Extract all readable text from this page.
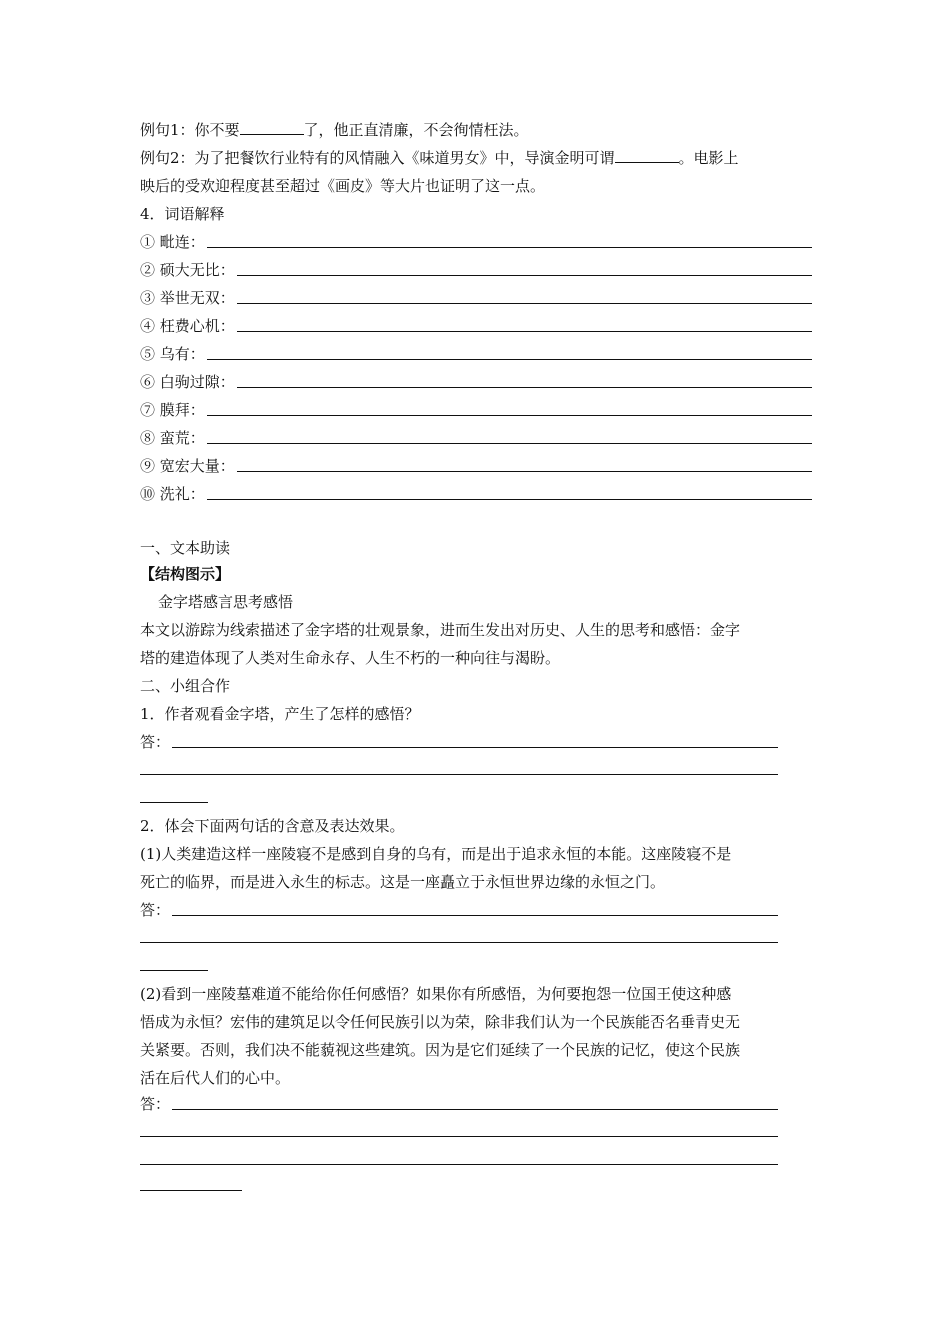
例句1：你不要	了，他正直清廉，不会徇情枉法。
例句2：为了把餐饮行业特有的风情融入《味道男女》中，导演金明可谓	。电影上
映后的受欢迎程度甚至超过《画皮》等大片也证明了这一点。
4．词语解释
① 毗连：
② 硕大无比：
③ 举世无双：
④ 枉费心机：
⑤ 乌有：
⑥ 白驹过隙：
⑦ 膜拜：
⑧ 蛮荒：
⑨ 宽宏大量：
⑩ 洗礼：
一、文本助读
【结构图示】
金字塔感言思考感悟
本文以游踪为线索描述了金字塔的壮观景象，进而生发出对历史、人生的思考和感悟：金字
塔的建造体现了人类对生命永存、人生不朽的一种向往与渴盼。
二、小组合作
1．作者观看金字塔，产生了怎样的感悟？
答：
2．体会下面两句话的含意及表达效果。
(1)人类建造这样一座陵寝不是感到自身的乌有，而是出于追求永恒的本能。这座陵寝不是
死亡的临界，而是进入永生的标志。这是一座矗立于永恒世界边缘的永恒之门。
答：
(2)看到一座陵墓难道不能给你任何感悟？如果你有所感悟，为何要抱怨一位国王使这种感
悟成为永恒？宏伟的建筑足以令任何民族引以为荣，除非我们认为一个民族能否名垂青史无
关紧要。否则，我们决不能藐视这些建筑。因为是它们延续了一个民族的记忆，使这个民族
活在后代人们的心中。
答：
